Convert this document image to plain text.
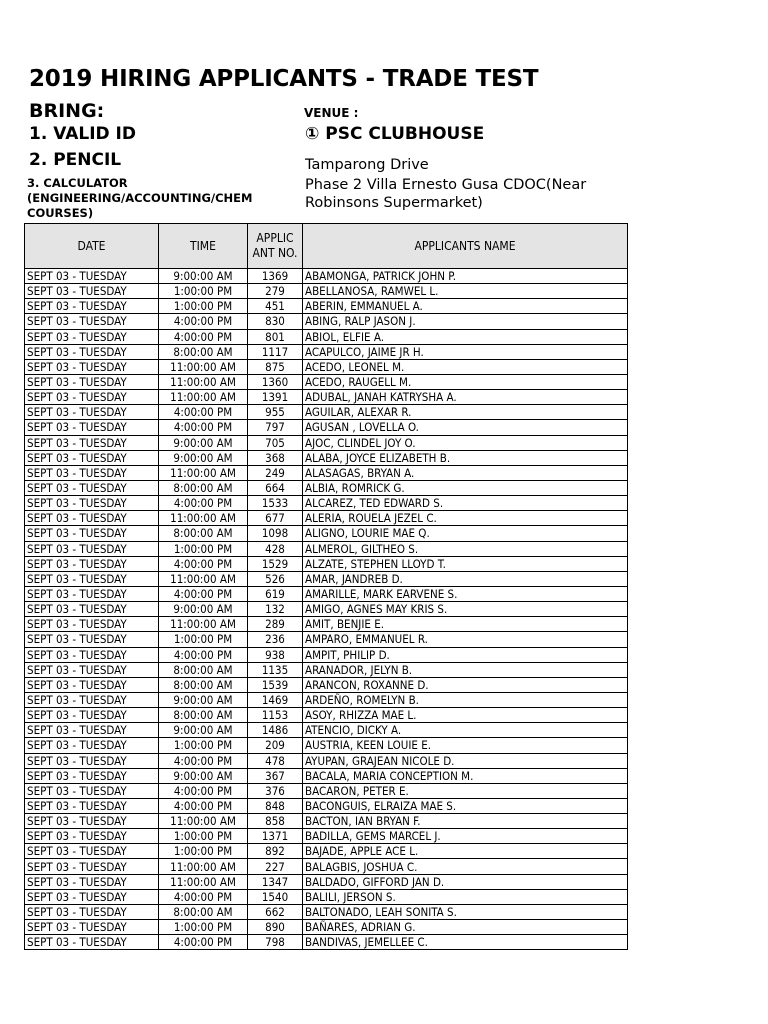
2019 HIRING APPLICANTS - TRADE TEST
BRING:
1. VALID ID
2. PENCIL
3. CALCULATOR (ENGINEERING/ACCOUNTING/CHEM COURSES)
VENUE :
① PSC CLUBHOUSE
Tamparong Drive
Phase 2 Villa Ernesto Gusa CDOC(Near
Robinsons Supermarket)
DATE	TIME	APPLIC ANT NO.	APPLICANTS NAME
SEPT 03 - TUESDAY	9:00:00 AM	1369	ABAMONGA, PATRICK JOHN P.
SEPT 03 - TUESDAY	1:00:00 PM	279	ABELLANOSA, RAMWEL L.
SEPT 03 - TUESDAY	1:00:00 PM	451	ABERIN, EMMANUEL A.
SEPT 03 - TUESDAY	4:00:00 PM	830	ABING, RALP JASON J.
SEPT 03 - TUESDAY	4:00:00 PM	801	ABIOL, ELFIE A.
SEPT 03 - TUESDAY	8:00:00 AM	1117	ACAPULCO, JAIME JR H.
SEPT 03 - TUESDAY	11:00:00 AM	875	ACEDO, LEONEL M.
SEPT 03 - TUESDAY	11:00:00 AM	1360	ACEDO, RAUGELL M.
SEPT 03 - TUESDAY	11:00:00 AM	1391	ADUBAL, JANAH KATRYSHA A.
SEPT 03 - TUESDAY	4:00:00 PM	955	AGUILAR, ALEXAR R.
SEPT 03 - TUESDAY	4:00:00 PM	797	AGUSAN , LOVELLA O.
SEPT 03 - TUESDAY	9:00:00 AM	705	AJOC, CLINDEL JOY O.
SEPT 03 - TUESDAY	9:00:00 AM	368	ALABA, JOYCE ELIZABETH B.
SEPT 03 - TUESDAY	11:00:00 AM	249	ALASAGAS, BRYAN A.
SEPT 03 - TUESDAY	8:00:00 AM	664	ALBIA, ROMRICK G.
SEPT 03 - TUESDAY	4:00:00 PM	1533	ALCAREZ, TED EDWARD S.
SEPT 03 - TUESDAY	11:00:00 AM	677	ALERIA, ROUELA JEZEL C.
SEPT 03 - TUESDAY	8:00:00 AM	1098	ALIGNO, LOURIE MAE Q.
SEPT 03 - TUESDAY	1:00:00 PM	428	ALMEROL, GILTHEO S.
SEPT 03 - TUESDAY	4:00:00 PM	1529	ALZATE, STEPHEN LLOYD T.
SEPT 03 - TUESDAY	11:00:00 AM	526	AMAR, JANDREB D.
SEPT 03 - TUESDAY	4:00:00 PM	619	AMARILLE, MARK EARVENE S.
SEPT 03 - TUESDAY	9:00:00 AM	132	AMIGO, AGNES MAY KRIS S.
SEPT 03 - TUESDAY	11:00:00 AM	289	AMIT, BENJIE E.
SEPT 03 - TUESDAY	1:00:00 PM	236	AMPARO, EMMANUEL R.
SEPT 03 - TUESDAY	4:00:00 PM	938	AMPIT, PHILIP D.
SEPT 03 - TUESDAY	8:00:00 AM	1135	ARANADOR, JELYN B.
SEPT 03 - TUESDAY	8:00:00 AM	1539	ARANCON, ROXANNE D.
SEPT 03 - TUESDAY	9:00:00 AM	1469	ARDEÑO, ROMELYN B.
SEPT 03 - TUESDAY	8:00:00 AM	1153	ASOY, RHIZZA MAE L.
SEPT 03 - TUESDAY	9:00:00 AM	1486	ATENCIO, DICKY A.
SEPT 03 - TUESDAY	1:00:00 PM	209	AUSTRIA, KEEN LOUIE E.
SEPT 03 - TUESDAY	4:00:00 PM	478	AYUPAN, GRAJEAN NICOLE D.
SEPT 03 - TUESDAY	9:00:00 AM	367	BACALA, MARIA CONCEPTION M.
SEPT 03 - TUESDAY	4:00:00 PM	376	BACARON, PETER E.
SEPT 03 - TUESDAY	4:00:00 PM	848	BACONGUIS, ELRAIZA MAE S.
SEPT 03 - TUESDAY	11:00:00 AM	858	BACTON, IAN BRYAN F.
SEPT 03 - TUESDAY	1:00:00 PM	1371	BADILLA, GEMS MARCEL J.
SEPT 03 - TUESDAY	1:00:00 PM	892	BAJADE, APPLE ACE L.
SEPT 03 - TUESDAY	11:00:00 AM	227	BALAGBIS, JOSHUA C.
SEPT 03 - TUESDAY	11:00:00 AM	1347	BALDADO, GIFFORD JAN D.
SEPT 03 - TUESDAY	4:00:00 PM	1540	BALILI, JERSON S.
SEPT 03 - TUESDAY	8:00:00 AM	662	BALTONADO, LEAH SONITA S.
SEPT 03 - TUESDAY	1:00:00 PM	890	BAÑARES, ADRIAN G.
SEPT 03 - TUESDAY	4:00:00 PM	798	BANDIVAS, JEMELLEE C.
